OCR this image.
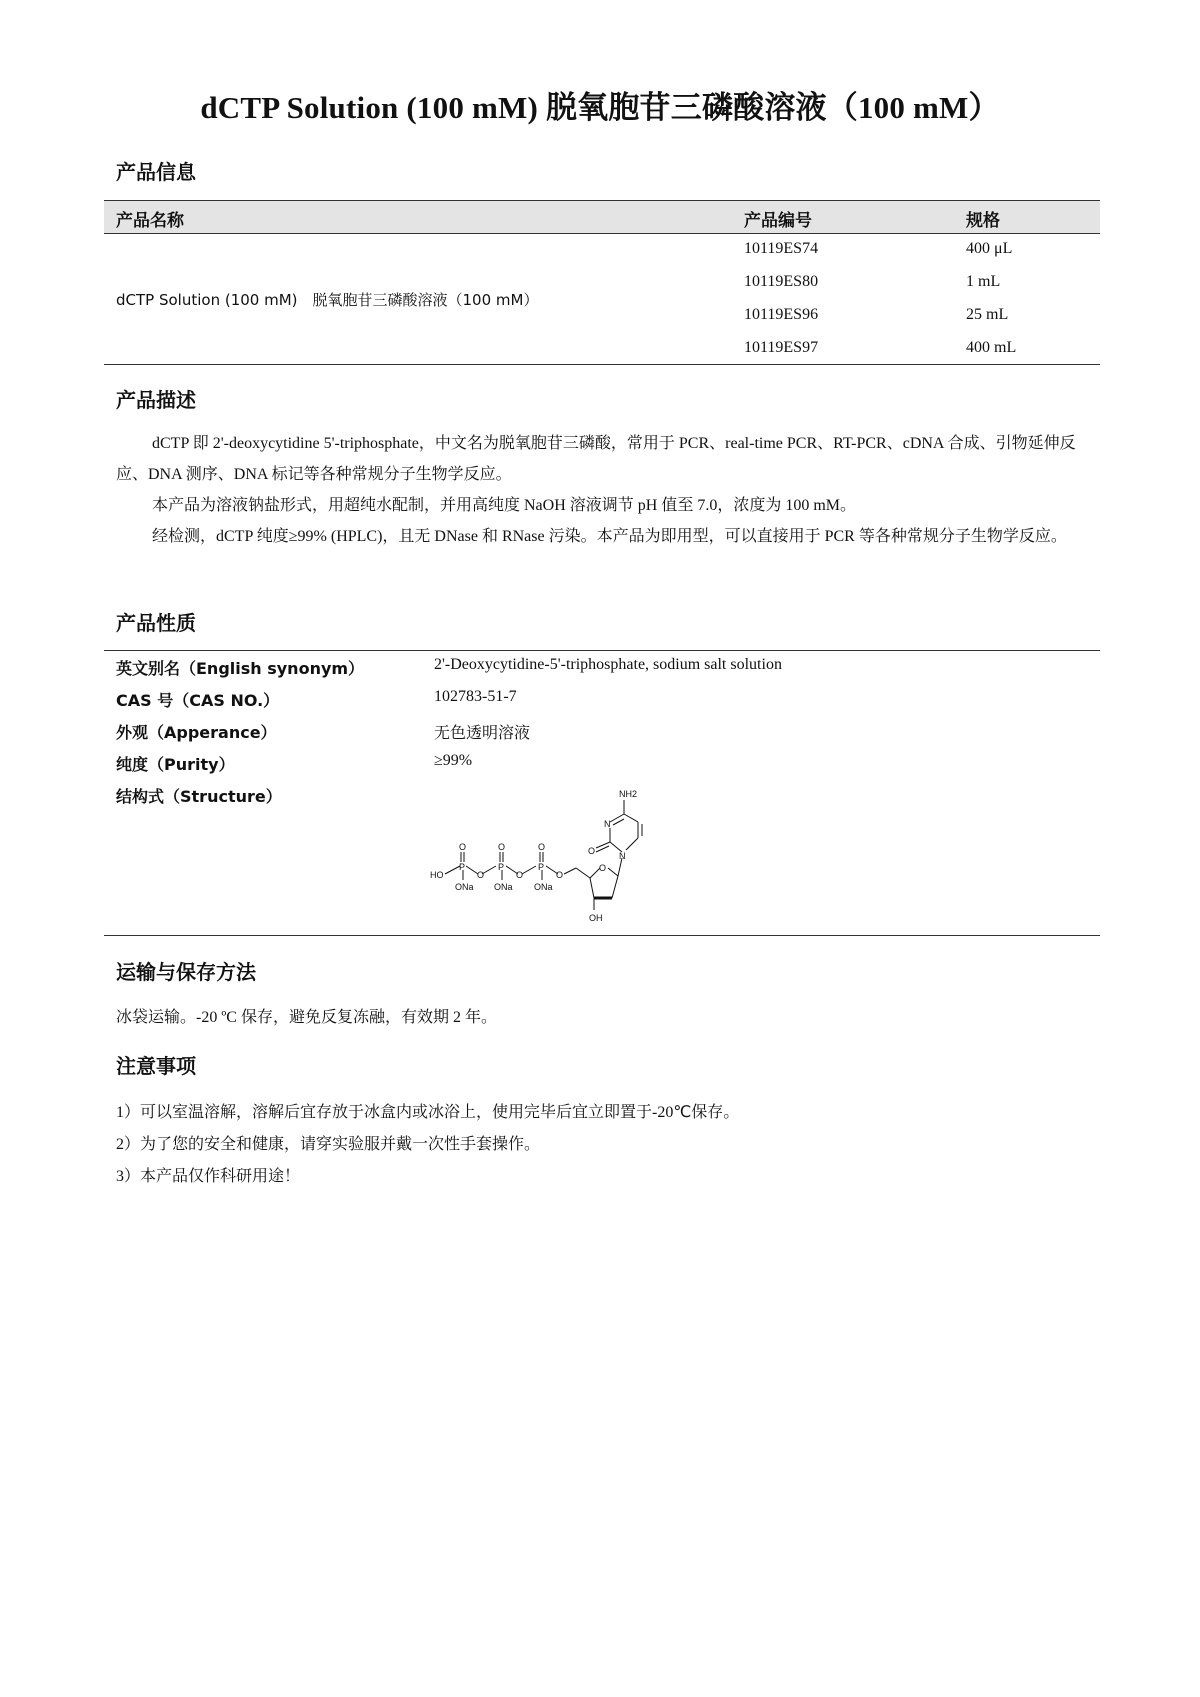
dCTP Solution (100 mM) 脱氧胞苷三磷酸溶液（100 mM）
产品信息
产品名称	产品编号	规格
dCTP Solution (100 mM)　脱氧胞苷三磷酸溶液（100 mM）
10119ES74	400 μL
10119ES80	1 mL
10119ES96	25 mL
10119ES97	400 mL
产品描述

dCTP 即 2'-deoxycytidine 5'-triphosphate，中文名为脱氧胞苷三磷酸，常用于 PCR、real-time PCR、RT-PCR、cDNA 合成、引物延伸反应、DNA 测序、DNA 标记等各种常规分子生物学反应。

本产品为溶液钠盐形式，用超纯水配制，并用高纯度 NaOH 溶液调节 pH 值至 7.0，浓度为 100 mM。

经检测，dCTP 纯度≥99% (HPLC)，且无 DNase 和 RNase 污染。本产品为即用型，可以直接用于 PCR 等各种常规分子生物学反应。

产品性质
英文别名（English synonym）	2'-Deoxycytidine-5'-triphosphate, sodium salt solution
CAS 号（CAS NO.）	102783-51-7
外观（Apperance）	无色透明溶液
纯度（Purity）	≥99%
结构式（Structure）	NH2
N
O	N
O
HO
P
O
O
P
O
O
P
O
O
ONa ONa ONa
OH
运输与保存方法
冰袋运输。-20 ºC 保存，避免反复冻融，有效期 2 年。
注意事项
1）可以室温溶解，溶解后宜存放于冰盒内或冰浴上，使用完毕后宜立即置于-20℃保存。
2）为了您的安全和健康，请穿实验服并戴一次性手套操作。
3）本产品仅作科研用途！
